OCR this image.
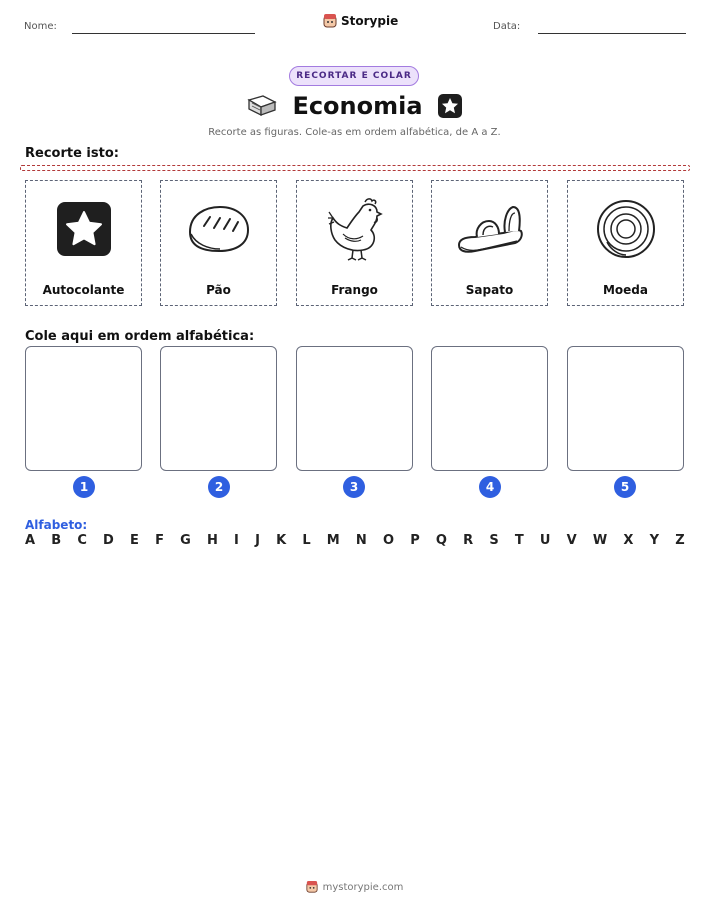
Nome:	Storypie	Data:
RECORTAR E COLAR
Economia
Recorte as figuras. Cole-as em ordem alfabética, de A a Z.
Recorte isto:
Autocolante	Pão	Frango	Sapato	Moeda
Cole aqui em ordem alfabética:
1	2	3	4	5
Alfabeto:
A B C D E F G H I J K L M N O P Q R S T U V W X Y Z
mystorypie.com
